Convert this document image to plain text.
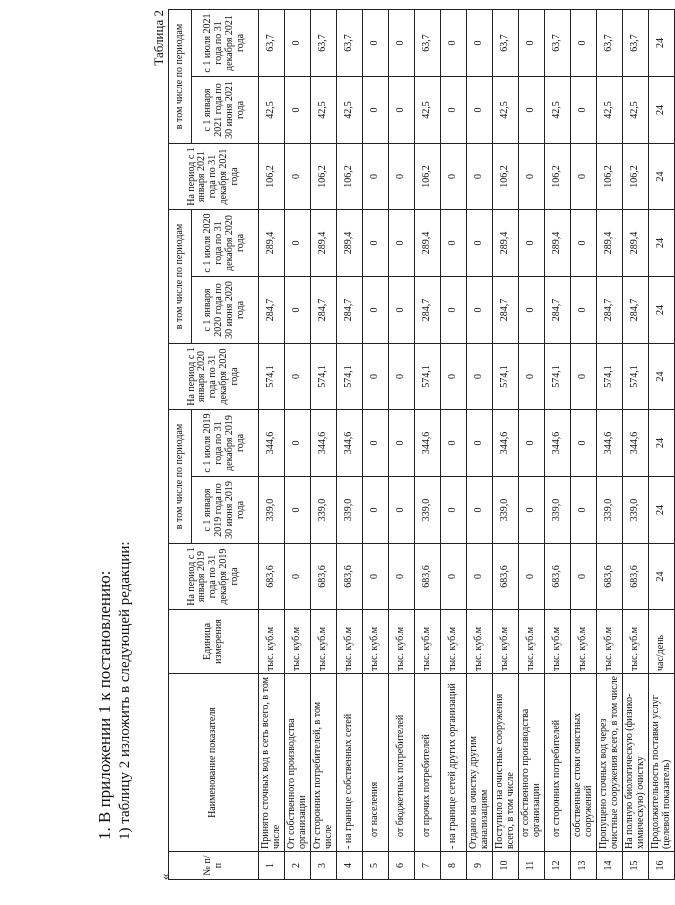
1. В приложении 1 к постановлению: 1) таблицу 2 изложить в следующей редакции:
«
Таблица 2
№ п/п	Наименование показателя	Единица измерения	На период с 1 января 2019 года по 31 декабря 2019 года	в том числе по периодам		На период с 1 января 2020 года по 31 декабря 2020 года	в том числе по периодам		На период с 1 января 2021 года по 31 декабря 2021 года	в том числе по периодам	
				с 1 января 2019 года по 30 июня 2019 года	с 1 июля 2019 года по 31 декабря 2019 года		с 1 января 2020 года по 30 июня 2020 года	с 1 июля 2020 года по 31 декабря 2020 года		с 1 января 2021 года по 30 июня 2021 года	с 1 июля 2021 года по 31 декабря 2021 года
1	Принято сточных вод в сеть всего, в том числе	тыс. куб.м	683,6	339,0	344,6	574,1	284,7	289,4	106,2	42,5	63,7
2	От собственного производства организации	тыс. куб.м	0	0	0	0	0	0	0	0	0
3	От сторонних потребителей, в том числе	тыс. куб.м	683,6	339,0	344,6	574,1	284,7	289,4	106,2	42,5	63,7
4	- на границе собственных сетей	тыс. куб.м	683,6	339,0	344,6	574,1	284,7	289,4	106,2	42,5	63,7
5	от населения	тыс. куб.м	0	0	0	0	0	0	0	0	0
6	от бюджетных потребителей	тыс. куб.м	0	0	0	0	0	0	0	0	0
7	от прочих потребителей	тыс. куб.м	683,6	339,0	344,6	574,1	284,7	289,4	106,2	42,5	63,7
8	- на границе сетей других организаций	тыс. куб.м	0	0	0	0	0	0	0	0	0
9	Отдано на очистку другим канализациям	тыс. куб.м	0	0	0	0	0	0	0	0	0
10	Поступило на очистные сооружения всего, в том числе	тыс. куб.м	683,6	339,0	344,6	574,1	284,7	289,4	106,2	42,5	63,7
11	от собственного производства организации	тыс. куб.м	0	0	0	0	0	0	0	0	0
12	от сторонних потребителей	тыс. куб.м	683,6	339,0	344,6	574,1	284,7	289,4	106,2	42,5	63,7
13	собственные стоки очистных сооружений	тыс. куб.м	0	0	0	0	0	0	0	0	0
14	Пропущено сточных вод через очистные сооружения всего, в том числе	тыс. куб.м	683,6	339,0	344,6	574,1	284,7	289,4	106,2	42,5	63,7
15	На полную биологическую (физико-химическую) очистку	тыс. куб.м	683,6	339,0	344,6	574,1	284,7	289,4	106,2	42,5	63,7
16	Продолжительность поставки услуг (целевой показатель)	час/день	24	24	24	24	24	24	24	24	24
